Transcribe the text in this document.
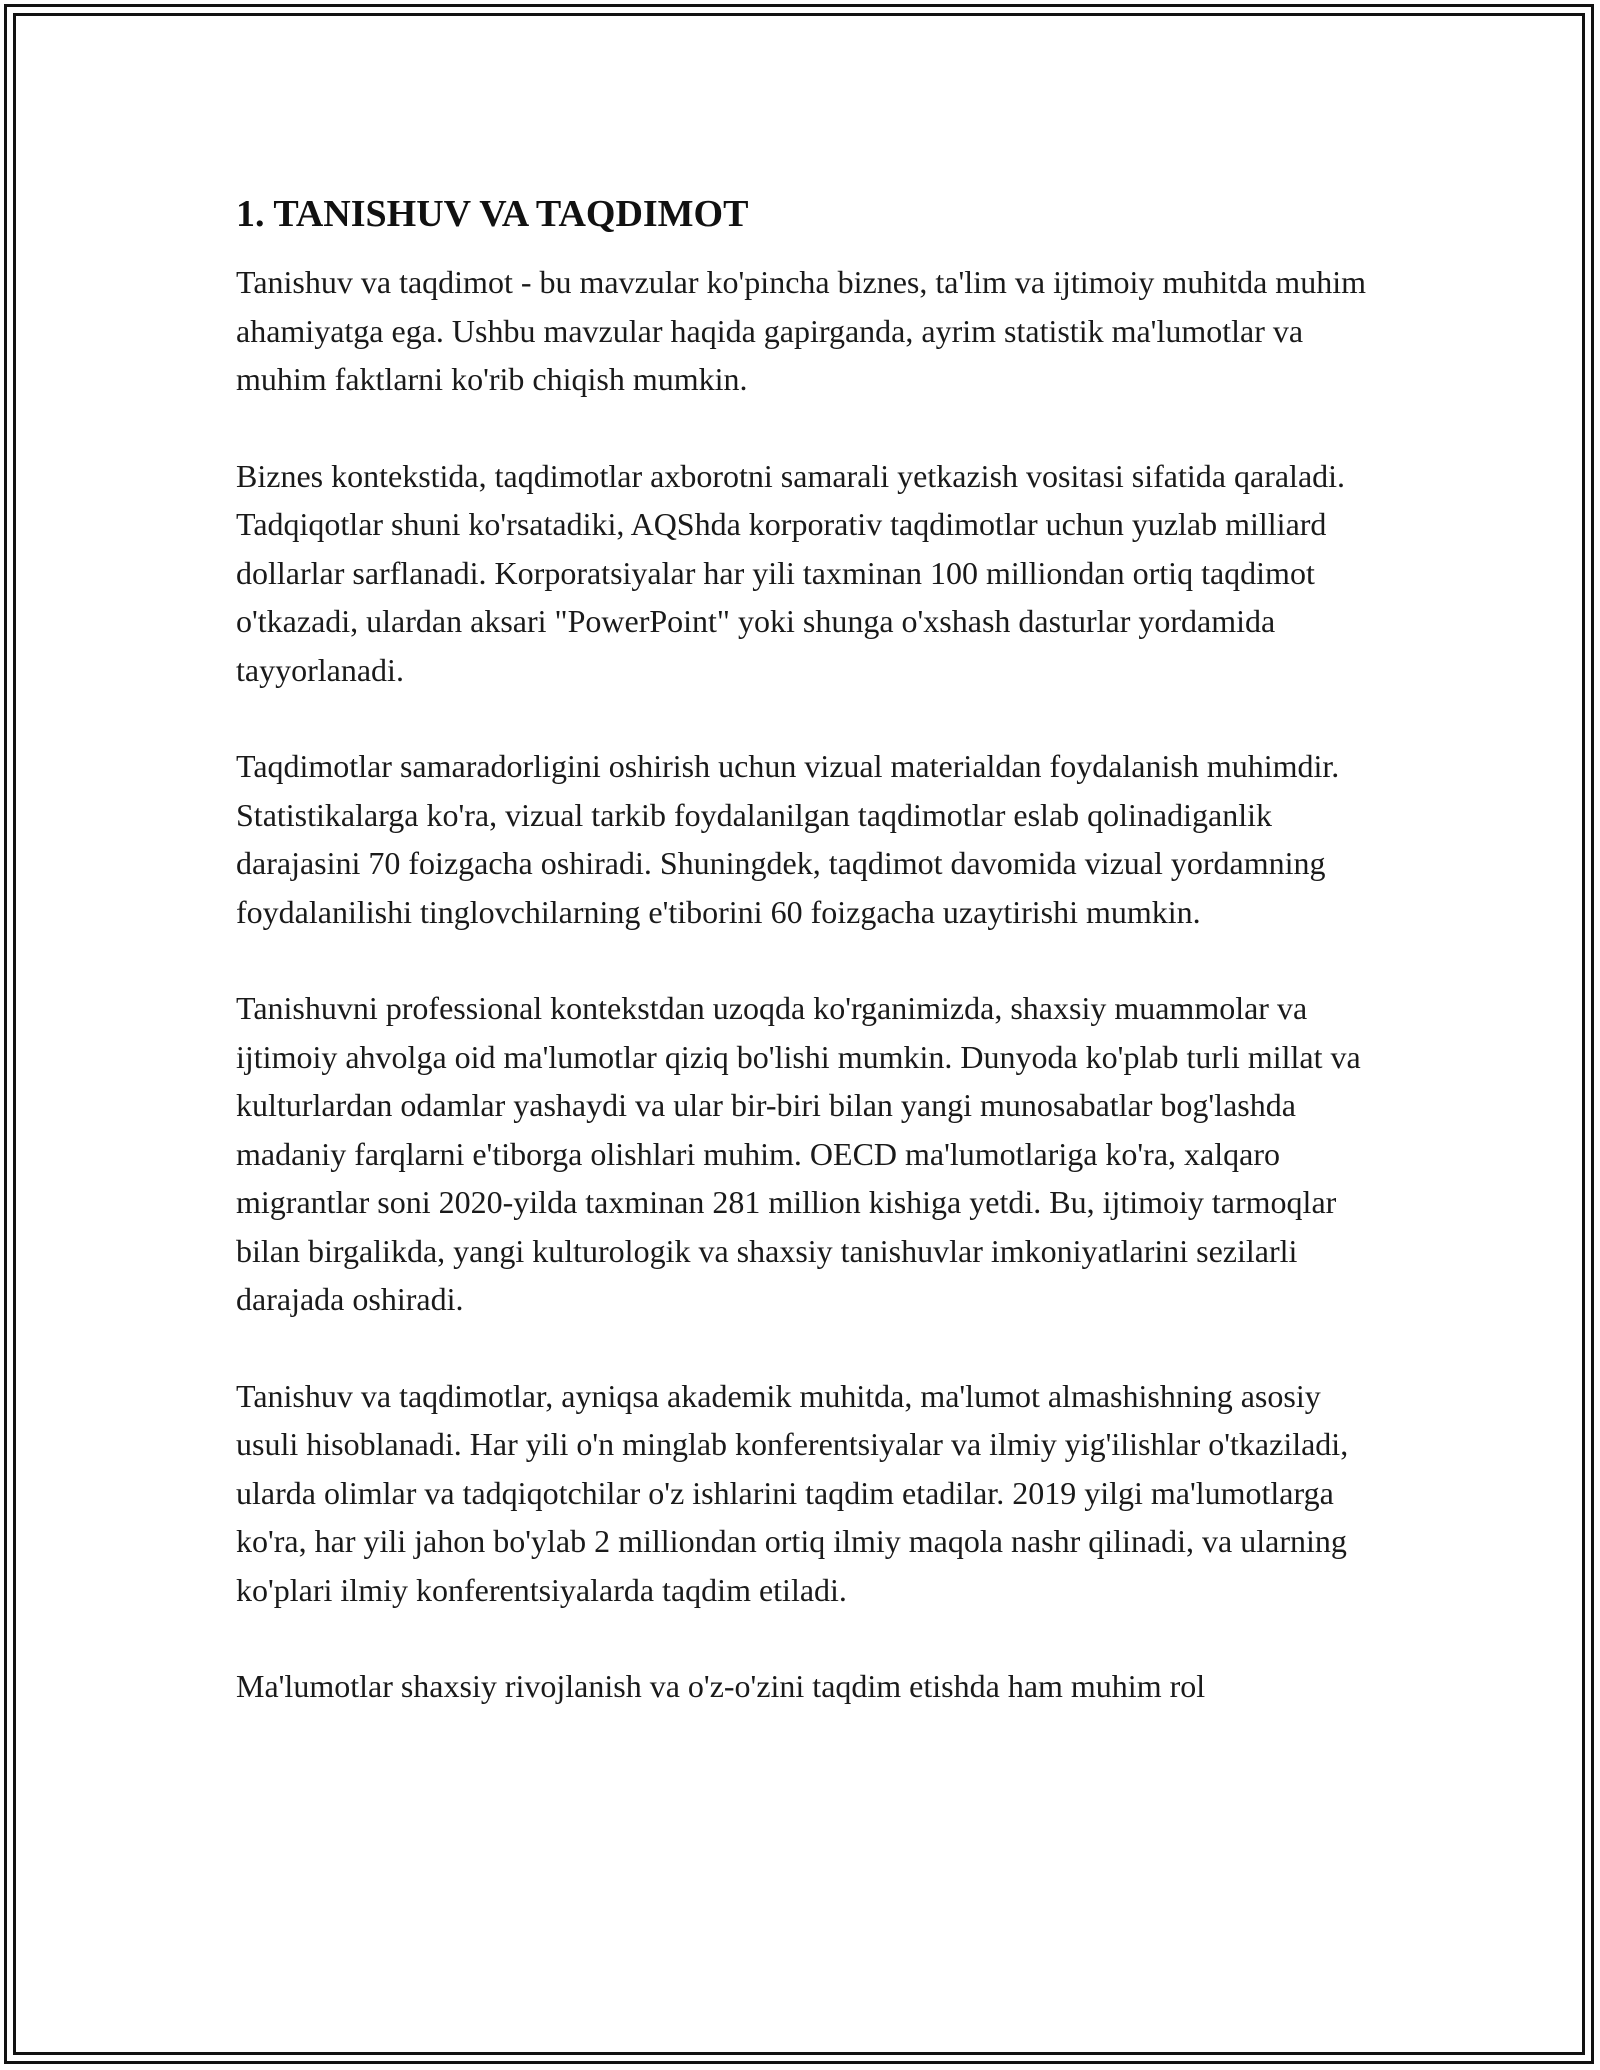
1. TANISHUV VA TAQDIMOT

Tanishuv va taqdimot - bu mavzular ko'pincha biznes, ta'lim va ijtimoiy muhitda muhim ahamiyatga ega. Ushbu mavzular haqida gapirganda, ayrim statistik ma'lumotlar va muhim faktlarni ko'rib chiqish mumkin.

Biznes kontekstida, taqdimotlar axborotni samarali yetkazish vositasi sifatida qaraladi. Tadqiqotlar shuni ko'rsatadiki, AQShda korporativ taqdimotlar uchun yuzlab milliard dollarlar sarflanadi. Korporatsiyalar har yili taxminan 100 milliondan ortiq taqdimot o'tkazadi, ulardan aksari "PowerPoint" yoki shunga o'xshash dasturlar yordamida tayyorlanadi.

Taqdimotlar samaradorligini oshirish uchun vizual materialdan foydalanish muhimdir. Statistikalarga ko'ra, vizual tarkib foydalanilgan taqdimotlar eslab qolinadiganlik darajasini 70 foizgacha oshiradi. Shuningdek, taqdimot davomida vizual yordamning foydalanilishi tinglovchilarning e'tiborini 60 foizgacha uzaytirishi mumkin.

Tanishuvni professional kontekstdan uzoqda ko'rganimizda, shaxsiy muammolar va ijtimoiy ahvolga oid ma'lumotlar qiziq bo'lishi mumkin. Dunyoda ko'plab turli millat va kulturlardan odamlar yashaydi va ular bir-biri bilan yangi munosabatlar bog'lashda madaniy farqlarni e'tiborga olishlari muhim. OECD ma'lumotlariga ko'ra, xalqaro migrantlar soni 2020-yilda taxminan 281 million kishiga yetdi. Bu, ijtimoiy tarmoqlar bilan birgalikda, yangi kulturologik va shaxsiy tanishuvlar imkoniyatlarini sezilarli darajada oshiradi.

Tanishuv va taqdimotlar, ayniqsa akademik muhitda, ma'lumot almashishning asosiy usuli hisoblanadi. Har yili o'n minglab konferentsiyalar va ilmiy yig'ilishlar o'tkaziladi, ularda olimlar va tadqiqotchilar o'z ishlarini taqdim etadilar. 2019 yilgi ma'lumotlarga ko'ra, har yili jahon bo'ylab 2 milliondan ortiq ilmiy maqola nashr qilinadi, va ularning ko'plari ilmiy konferentsiyalarda taqdim etiladi.

Ma'lumotlar shaxsiy rivojlanish va o'z-o'zini taqdim etishda ham muhim rol
